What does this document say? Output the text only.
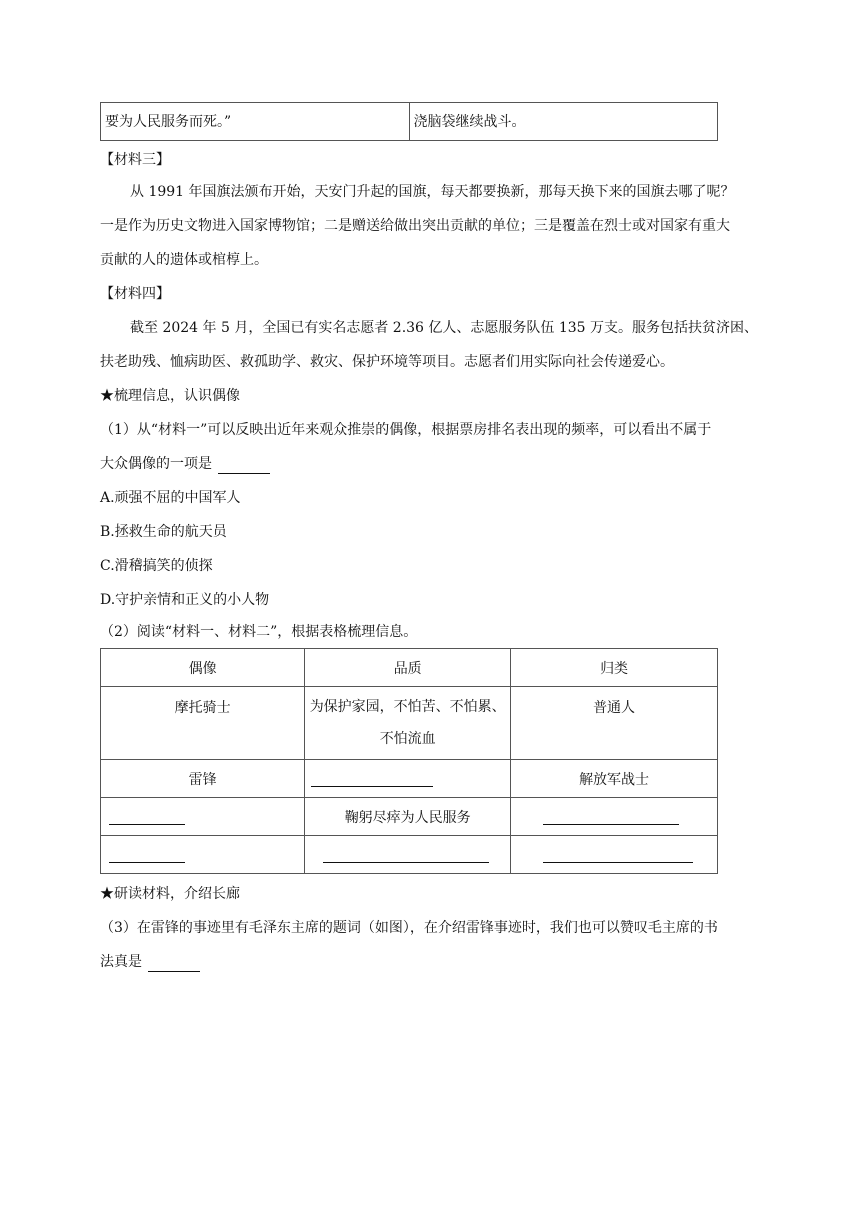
要为人民服务而死。”	浇脑袋继续战斗。
【材料三】
从 1991 年国旗法颁布开始，天安门升起的国旗，每天都要换新，那每天换下来的国旗去哪了呢？
一是作为历史文物进入国家博物馆；二是赠送给做出突出贡献的单位；三是覆盖在烈士或对国家有重大
贡献的人的遗体或棺椁上。
【材料四】
截至 2024 年 5 月，全国已有实名志愿者 2.36 亿人、志愿服务队伍 135 万支。服务包括扶贫济困、
扶老助残、恤病助医、救孤助学、救灾、保护环境等项目。志愿者们用实际向社会传递爱心。
★梳理信息，认识偶像
（1）从“材料一”可以反映出近年来观众推崇的偶像，根据票房排名表出现的频率，可以看出不属于
大众偶像的一项是
A.顽强不屈的中国军人
B.拯救生命的航天员
C.滑稽搞笑的侦探
D.守护亲情和正义的小人物
（2）阅读“材料一、材料二”，根据表格梳理信息。
偶像	品质	归类
摩托骑士	为保护家园，不怕苦、不怕累、
不怕流血	普通人
雷锋		解放军战士
	鞠躬尽瘁为人民服务	

★研读材料，介绍长廊
（3）在雷锋的事迹里有毛泽东主席的题词（如图），在介绍雷锋事迹时，我们也可以赞叹毛主席的书
法真是
